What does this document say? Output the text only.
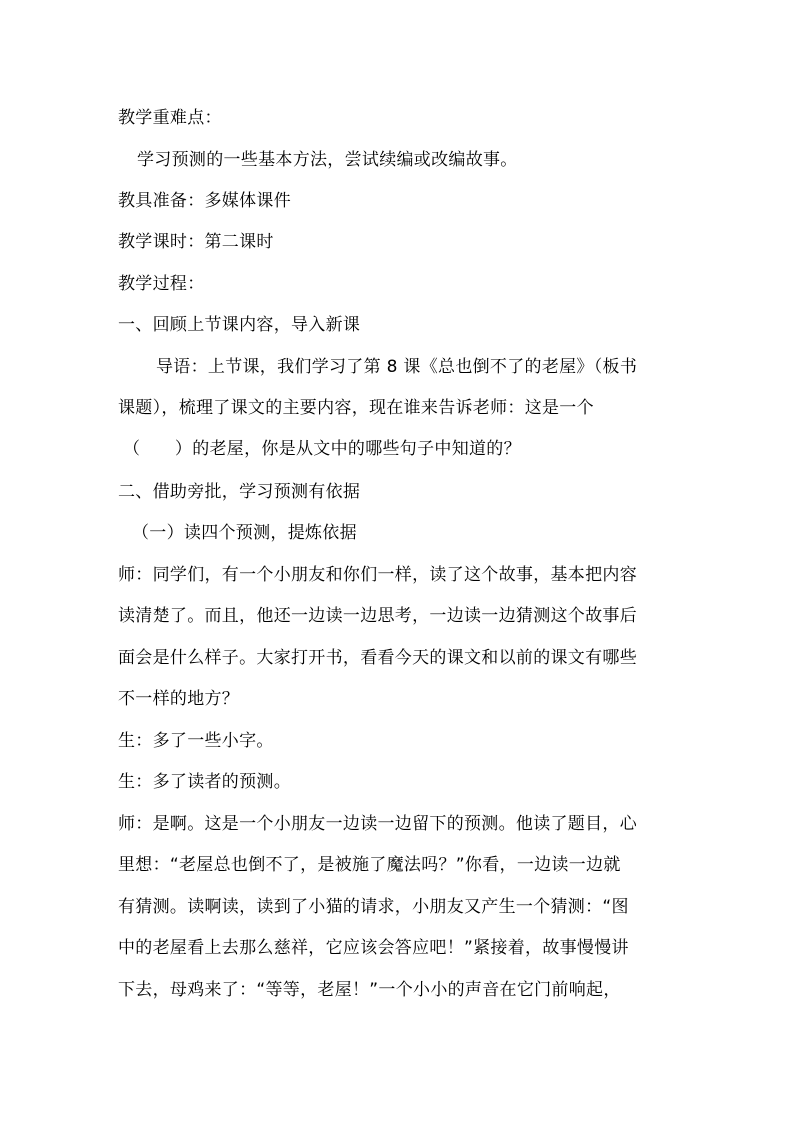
教学重难点：
学习预测的一些基本方法，尝试续编或改编故事。
教具准备：多媒体课件
教学课时：第二课时
教学过程：
一、回顾上节课内容，导入新课
导语：上节课，我们学习了第 8 课《总也倒不了的老屋》（板书
课题），梳理了课文的主要内容，现在谁来告诉老师：这是一个
（　　）的老屋，你是从文中的哪些句子中知道的？
二、借助旁批，学习预测有依据
（一）读四个预测，提炼依据
师：同学们，有一个小朋友和你们一样，读了这个故事，基本把内容
读清楚了。而且，他还一边读一边思考，一边读一边猜测这个故事后
面会是什么样子。大家打开书，看看今天的课文和以前的课文有哪些
不一样的地方？
生：多了一些小字。
生：多了读者的预测。
师：是啊。这是一个小朋友一边读一边留下的预测。他读了题目，心
里想：“老屋总也倒不了，是被施了魔法吗？”你看，一边读一边就
有猜测。读啊读，读到了小猫的请求，小朋友又产生一个猜测：“图
中的老屋看上去那么慈祥，它应该会答应吧！”紧接着，故事慢慢讲
下去，母鸡来了：“等等，老屋！”一个小小的声音在它门前响起，
